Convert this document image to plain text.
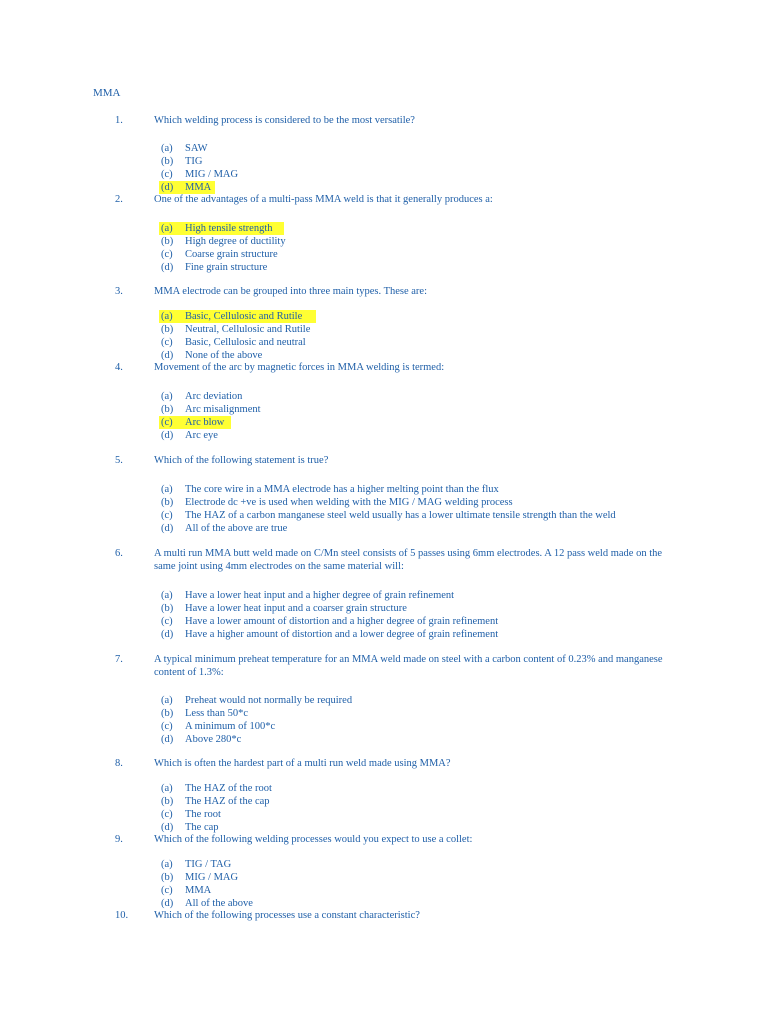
MMA
1.	Which welding process is considered to be the most versatile?
(a) SAW
(b) TIG
(c) MIG / MAG
(d) MMA
2.	One of the advantages of a multi-pass MMA weld is that it generally produces a:
(a) High tensile strength
(b) High degree of ductility
(c) Coarse grain structure
(d) Fine grain structure
3.	MMA electrode can be grouped into three main types. These are:
(a) Basic, Cellulosic and Rutile
(b) Neutral, Cellulosic and Rutile
(c) Basic, Cellulosic and neutral
(d) None of the above
4.	Movement of the arc by magnetic forces in MMA welding is termed:
(a) Arc deviation
(b) Arc misalignment
(c) Arc blow
(d) Arc eye
5.	Which of the following statement is true?
(a) The core wire in a MMA electrode has a higher melting point than the flux
(b) Electrode dc +ve is used when welding with the MIG / MAG welding process
(c) The HAZ of a carbon manganese steel weld usually has a lower ultimate tensile strength than the weld
(d) All of the above are true
6.	A multi run MMA butt weld made on C/Mn steel consists of 5 passes using 6mm electrodes. A 12 pass weld made on the same joint using 4mm electrodes on the same material will:
(a) Have a lower heat input and a higher degree of grain refinement
(b) Have a lower heat input and a coarser grain structure
(c) Have a lower amount of distortion and a higher degree of grain refinement
(d) Have a higher amount of distortion and a lower degree of grain refinement
7.	A typical minimum preheat temperature for an MMA weld made on steel with a carbon content of 0.23% and manganese content of 1.3%:
(a) Preheat would not normally be required
(b) Less than 50*c
(c) A minimum of 100*c
(d) Above 280*c
8.	Which is often the hardest part of a multi run weld made using MMA?
(a) The HAZ of the root
(b) The HAZ of the cap
(c) The root
(d) The cap
9.	Which of the following welding processes would you expect to use a collet:
(a) TIG / TAG
(b) MIG / MAG
(c) MMA
(d) All of the above
10. Which of the following processes use a constant characteristic?
